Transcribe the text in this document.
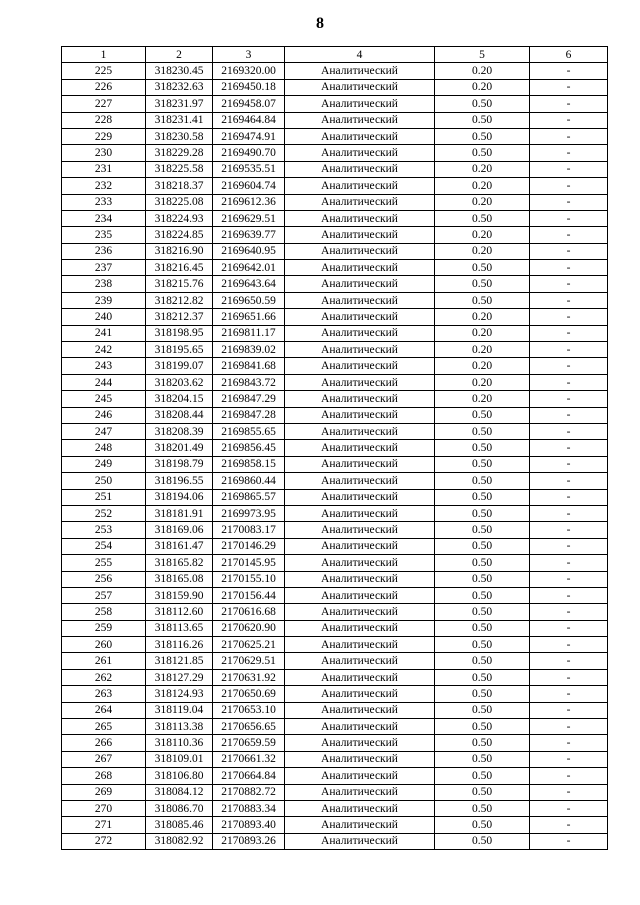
8
1	2	3	4	5	6
225	318230.45	2169320.00	Аналитический	0.20	-
226	318232.63	2169450.18	Аналитический	0.20	-
227	318231.97	2169458.07	Аналитический	0.50	-
228	318231.41	2169464.84	Аналитический	0.50	-
229	318230.58	2169474.91	Аналитический	0.50	-
230	318229.28	2169490.70	Аналитический	0.50	-
231	318225.58	2169535.51	Аналитический	0.20	-
232	318218.37	2169604.74	Аналитический	0.20	-
233	318225.08	2169612.36	Аналитический	0.20	-
234	318224.93	2169629.51	Аналитический	0.50	-
235	318224.85	2169639.77	Аналитический	0.20	-
236	318216.90	2169640.95	Аналитический	0.20	-
237	318216.45	2169642.01	Аналитический	0.50	-
238	318215.76	2169643.64	Аналитический	0.50	-
239	318212.82	2169650.59	Аналитический	0.50	-
240	318212.37	2169651.66	Аналитический	0.20	-
241	318198.95	2169811.17	Аналитический	0.20	-
242	318195.65	2169839.02	Аналитический	0.20	-
243	318199.07	2169841.68	Аналитический	0.20	-
244	318203.62	2169843.72	Аналитический	0.20	-
245	318204.15	2169847.29	Аналитический	0.20	-
246	318208.44	2169847.28	Аналитический	0.50	-
247	318208.39	2169855.65	Аналитический	0.50	-
248	318201.49	2169856.45	Аналитический	0.50	-
249	318198.79	2169858.15	Аналитический	0.50	-
250	318196.55	2169860.44	Аналитический	0.50	-
251	318194.06	2169865.57	Аналитический	0.50	-
252	318181.91	2169973.95	Аналитический	0.50	-
253	318169.06	2170083.17	Аналитический	0.50	-
254	318161.47	2170146.29	Аналитический	0.50	-
255	318165.82	2170145.95	Аналитический	0.50	-
256	318165.08	2170155.10	Аналитический	0.50	-
257	318159.90	2170156.44	Аналитический	0.50	-
258	318112.60	2170616.68	Аналитический	0.50	-
259	318113.65	2170620.90	Аналитический	0.50	-
260	318116.26	2170625.21	Аналитический	0.50	-
261	318121.85	2170629.51	Аналитический	0.50	-
262	318127.29	2170631.92	Аналитический	0.50	-
263	318124.93	2170650.69	Аналитический	0.50	-
264	318119.04	2170653.10	Аналитический	0.50	-
265	318113.38	2170656.65	Аналитический	0.50	-
266	318110.36	2170659.59	Аналитический	0.50	-
267	318109.01	2170661.32	Аналитический	0.50	-
268	318106.80	2170664.84	Аналитический	0.50	-
269	318084.12	2170882.72	Аналитический	0.50	-
270	318086.70	2170883.34	Аналитический	0.50	-
271	318085.46	2170893.40	Аналитический	0.50	-
272	318082.92	2170893.26	Аналитический	0.50	-
